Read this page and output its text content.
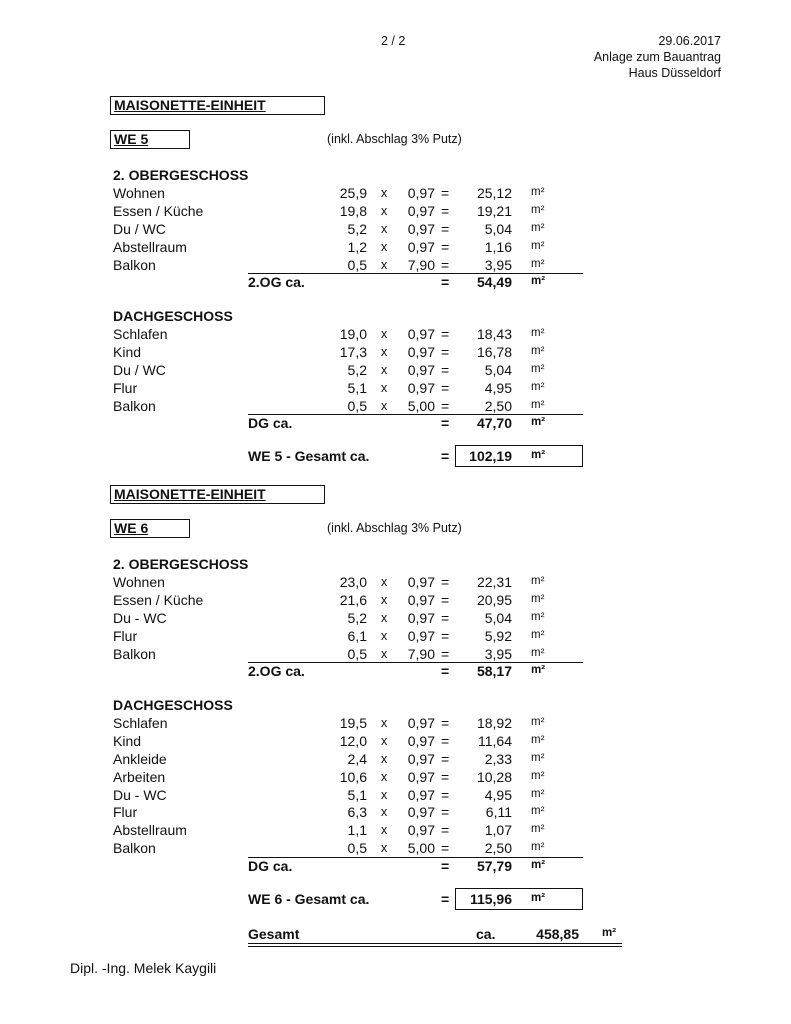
2 / 2	29.06.2017
Anlage zum Bauantrag
Haus Düsseldorf
MAISONETTE-EINHEIT
WE 5	(inkl. Abschlag 3% Putz)
2. OBERGESCHOSS
Wohnen	25,9 x	0,97 =	25,12 m²
Essen / Küche	19,8 x	0,97 =	19,21 m²
Du / WC	5,2 x	0,97 =	5,04 m²
Abstellraum	1,2 x	0,97 =	1,16 m²
Balkon	0,5 x	7,90 =	3,95 m²
2.OG ca.	=	54,49 m²
DACHGESCHOSS
Schlafen	19,0 x	0,97 =	18,43 m²
Kind	17,3 x	0,97 =	16,78 m²
Du / WC	5,2 x	0,97 =	5,04 m²
Flur	5,1 x	0,97 =	4,95 m²
Balkon	0,5 x	5,00 =	2,50 m²
DG ca.	=	47,70 m²
WE 5 - Gesamt ca.	=	102,19 m²
MAISONETTE-EINHEIT
WE 6	(inkl. Abschlag 3% Putz)
2. OBERGESCHOSS
Wohnen	23,0 x	0,97 =	22,31 m²
Essen / Küche	21,6 x	0,97 =	20,95 m²
Du - WC	5,2 x	0,97 =	5,04 m²
Flur	6,1 x	0,97 =	5,92 m²
Balkon	0,5 x	7,90 =	3,95 m²
2.OG ca.	=	58,17 m²
DACHGESCHOSS
Schlafen	19,5 x	0,97 =	18,92 m²
Kind	12,0 x	0,97 =	11,64 m²
Ankleide	2,4 x	0,97 =	2,33 m²
Arbeiten	10,6 x	0,97 =	10,28 m²
Du - WC	5,1 x	0,97 =	4,95 m²
Flur	6,3 x	0,97 =	6,11 m²
Abstellraum	1,1 x	0,97 =	1,07 m²
Balkon	0,5 x	5,00 =	2,50 m²
DG ca.	=	57,79 m²
WE 6 - Gesamt ca.	=	115,96 m²
Gesamt	ca.	458,85 m²
Dipl. -Ing. Melek Kaygili
